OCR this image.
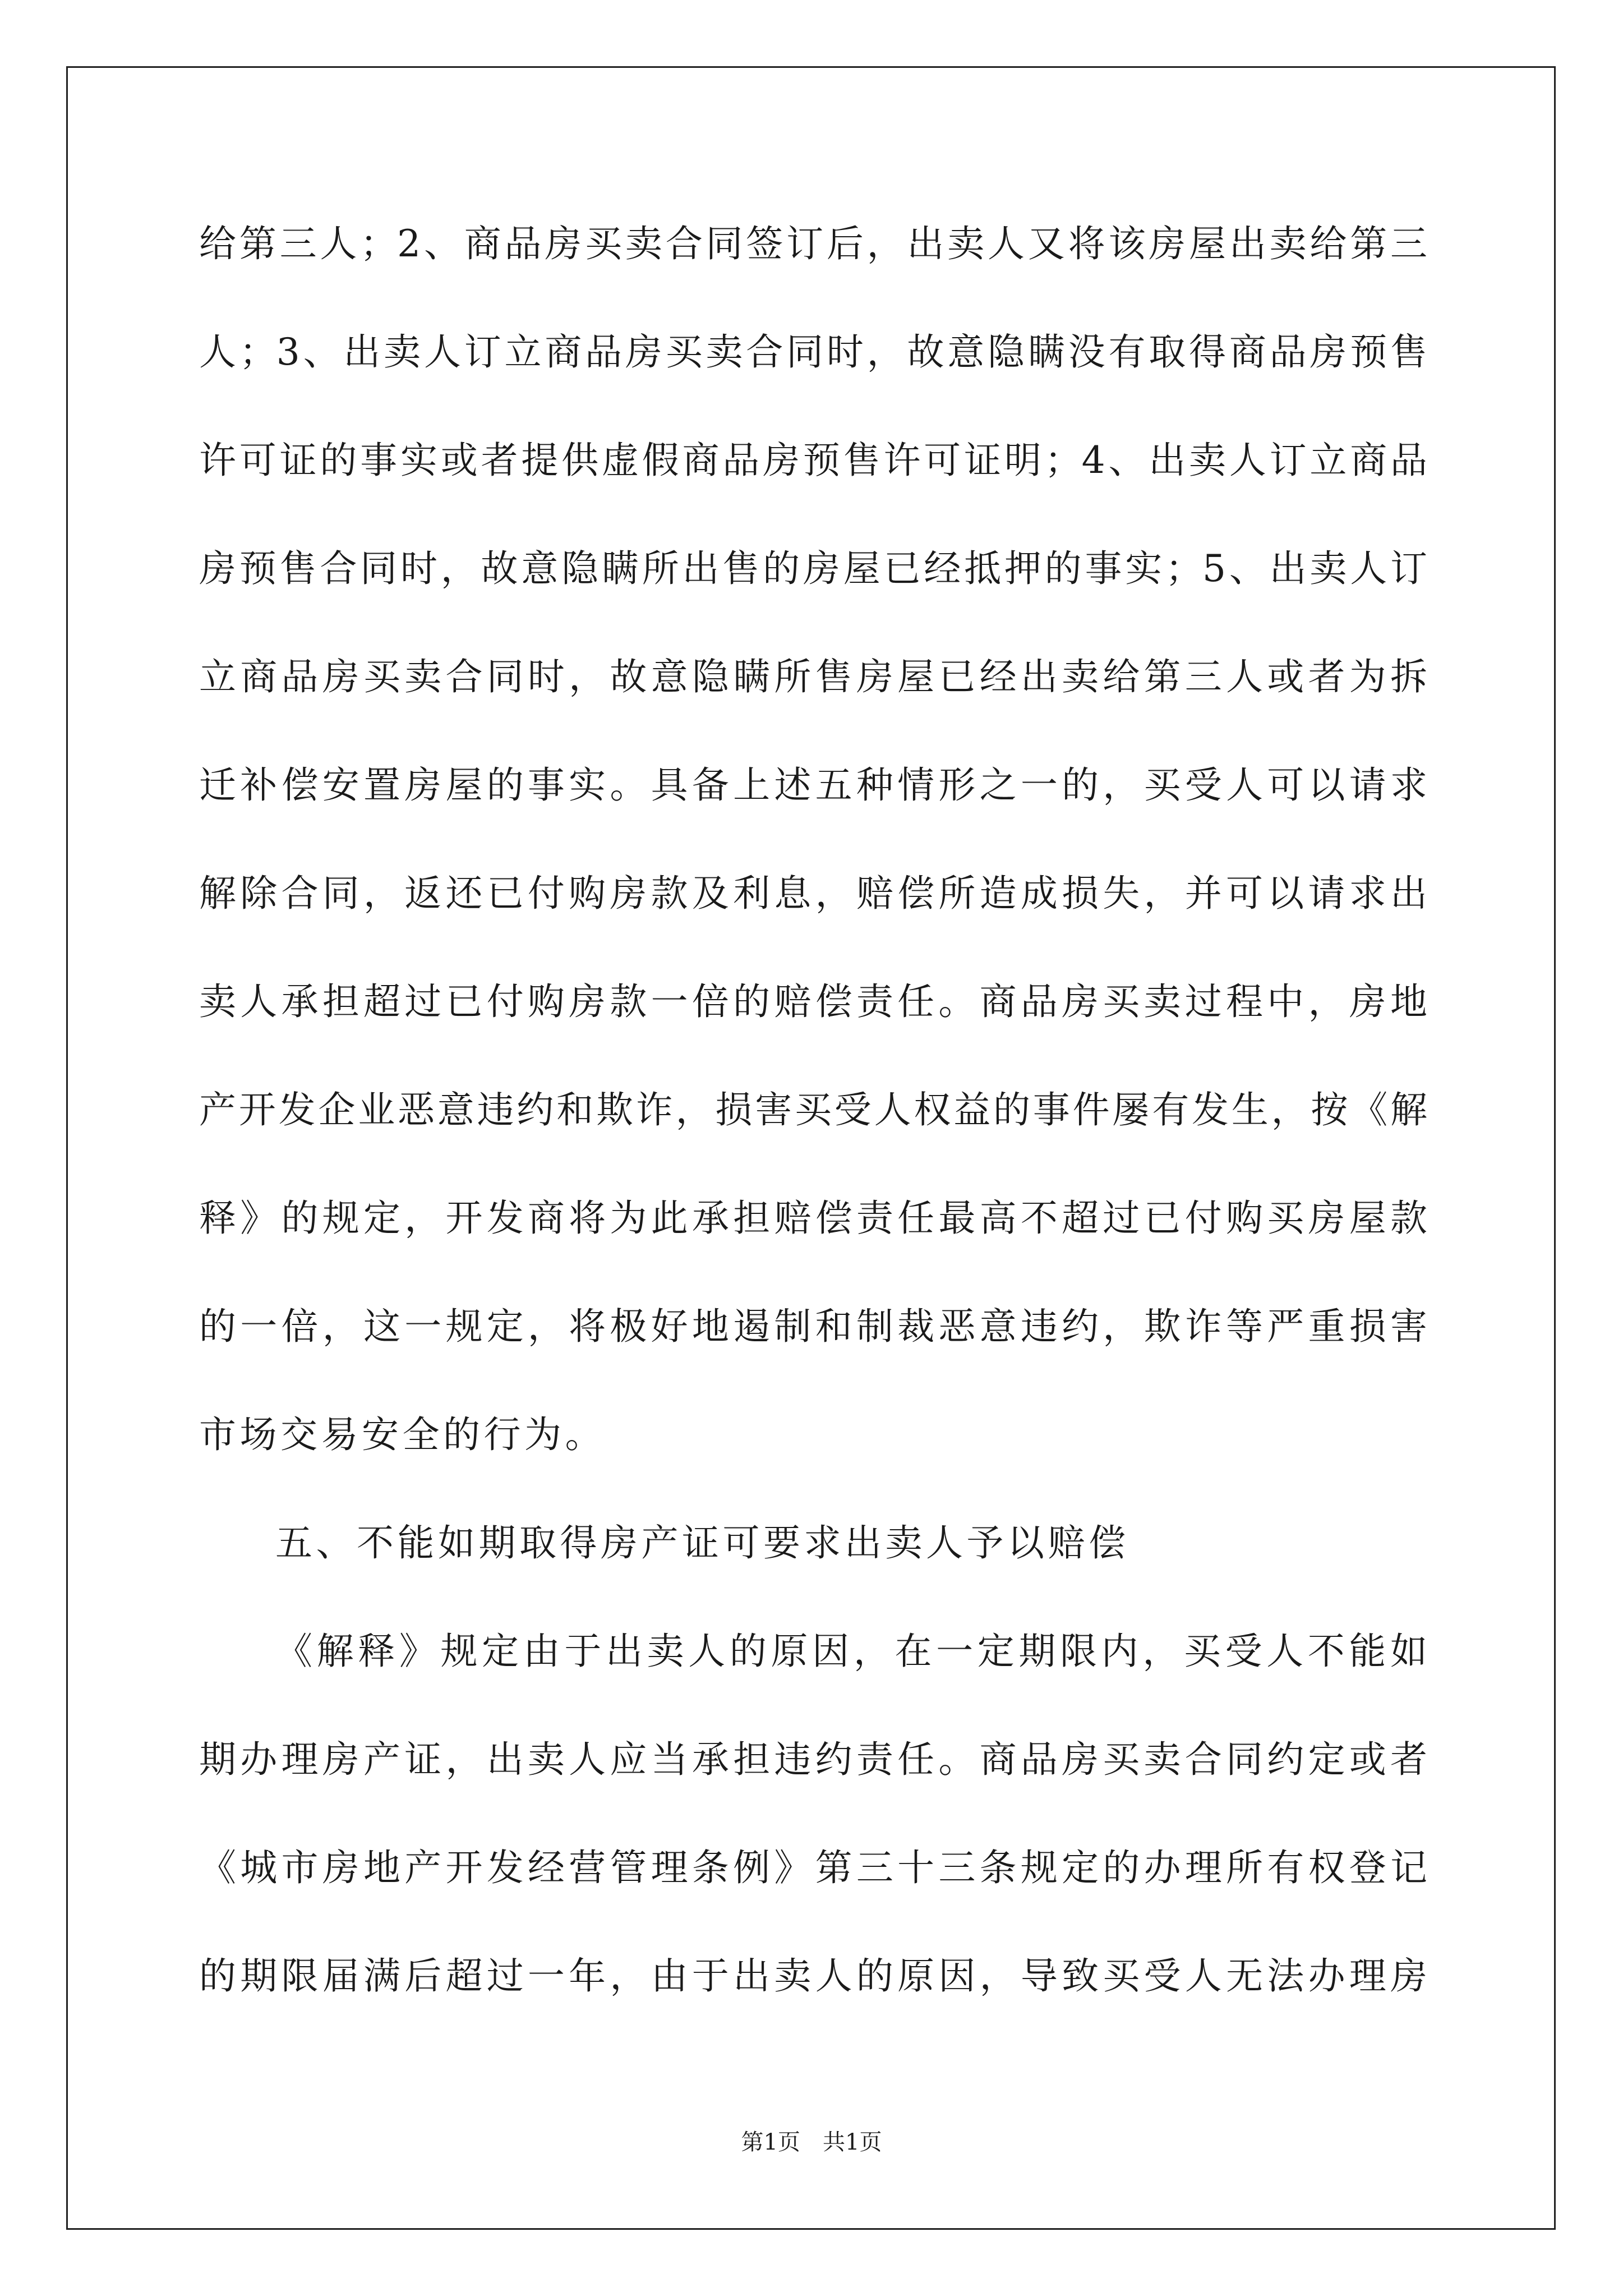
给第三人；2、商品房买卖合同签订后，出卖人又将该房屋出卖给第三
人；3、出卖人订立商品房买卖合同时，故意隐瞒没有取得商品房预售
许可证的事实或者提供虚假商品房预售许可证明；4、出卖人订立商品
房预售合同时，故意隐瞒所出售的房屋已经抵押的事实；5、出卖人订
立商品房买卖合同时，故意隐瞒所售房屋已经出卖给第三人或者为拆
迁补偿安置房屋的事实。具备上述五种情形之一的，买受人可以请求
解除合同，返还已付购房款及利息，赔偿所造成损失，并可以请求出
卖人承担超过已付购房款一倍的赔偿责任。商品房买卖过程中，房地
产开发企业恶意违约和欺诈，损害买受人权益的事件屡有发生，按《解
释》的规定，开发商将为此承担赔偿责任最高不超过已付购买房屋款
的一倍，这一规定，将极好地遏制和制裁恶意违约，欺诈等严重损害
市场交易安全的行为。
五、不能如期取得房产证可要求出卖人予以赔偿
《解释》规定由于出卖人的原因，在一定期限内，买受人不能如
期办理房产证，出卖人应当承担违约责任。商品房买卖合同约定或者
《城市房地产开发经营管理条例》第三十三条规定的办理所有权登记
的期限届满后超过一年，由于出卖人的原因，导致买受人无法办理房
第1页　共1页
